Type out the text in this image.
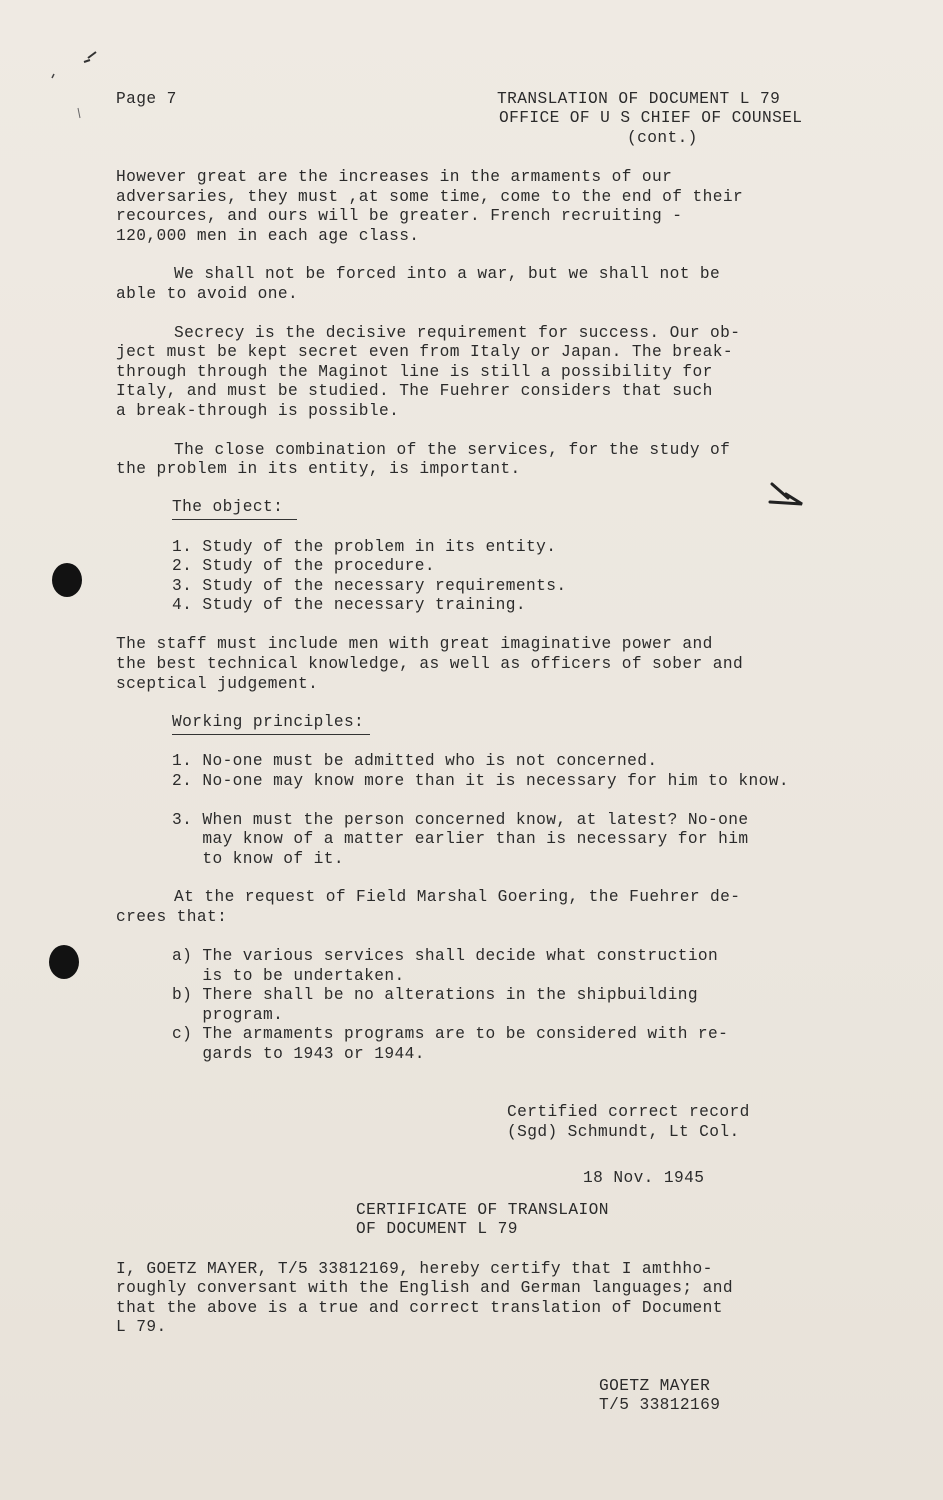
Page 7	TRANSLATION OF DOCUMENT L 79
OFFICE OF U S CHIEF OF COUNSEL
(cont.)
However great are the increases in the armaments of our
adversaries, they must ,at some time, come to the end of their
recources, and ours will be greater. French recruiting -
120,000 men in each age class.
We shall not be forced into a war, but we shall not be
able to avoid one.
Secrecy is the decisive requirement for success. Our ob-
ject must be kept secret even from Italy or Japan. The break-
through through the Maginot line is still a possibility for
Italy, and must be studied. The Fuehrer considers that such
a break-through is possible.
The close combination of the services, for the study of
the problem in its entity, is important.
The object:
1. Study of the problem in its entity.
2. Study of the procedure.
3. Study of the necessary requirements.
4. Study of the necessary training.
The staff must include men with great imaginative power and
the best technical knowledge, as well as officers of sober and
sceptical judgement.
Working principles:
1. No-one must be admitted who is not concerned.
2. No-one may know more than it is necessary for him to know.
3. When must the person concerned know, at latest? No-one
may know of a matter earlier than is necessary for him
to know of it.
At the request of Field Marshal Goering, the Fuehrer de-
crees that:
a) The various services shall decide what construction
is to be undertaken.
b) There shall be no alterations in the shipbuilding
program.
c) The armaments programs are to be considered with re-
gards to 1943 or 1944.
Certified correct record
(Sgd) Schmundt, Lt Col.
18 Nov. 1945
CERTIFICATE OF TRANSLAION
OF DOCUMENT L 79
I, GOETZ MAYER, T/5 33812169, hereby certify that I amthho-
roughly conversant with the English and German languages; and
that the above is a true and correct translation of Document
L 79.
GOETZ MAYER
T/5 33812169
